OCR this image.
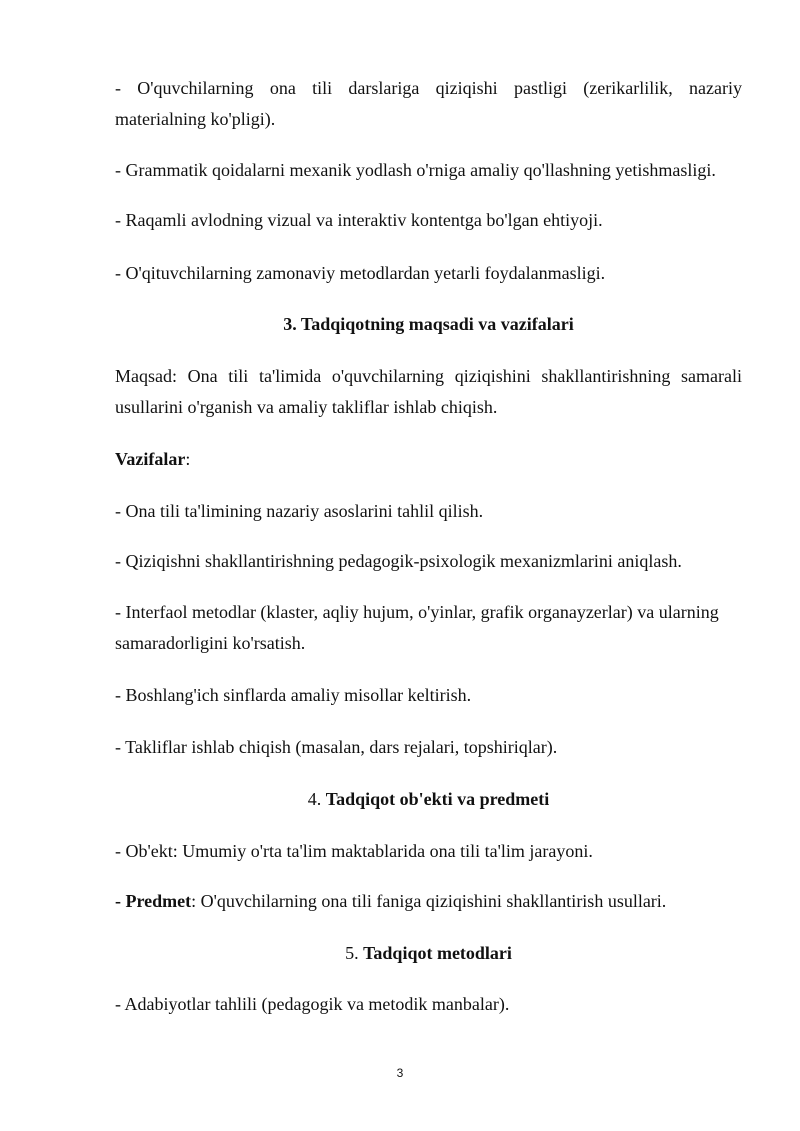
- O'quvchilarning ona tili darslariga qiziqishi pastligi (zerikarlilik, nazariy materialning ko'pligi).

- Grammatik qoidalarni mexanik yodlash o'rniga amaliy qo'llashning yetishmasligi.

- Raqamli avlodning vizual va interaktiv kontentga bo'lgan ehtiyoji.

- O'qituvchilarning zamonaviy metodlardan yetarli foydalanmasligi.

3. Tadqiqotning maqsadi va vazifalari

Maqsad: Ona tili ta'limida o'quvchilarning qiziqishini shakllantirishning samarali usullarini o'rganish va amaliy takliflar ishlab chiqish.

Vazifalar:

- Ona tili ta'limining nazariy asoslarini tahlil qilish.

- Qiziqishni shakllantirishning pedagogik-psixologik mexanizmlarini aniqlash.

- Interfaol metodlar (klaster, aqliy hujum, o'yinlar, grafik organayzerlar) va ularning samaradorligini ko'rsatish.

- Boshlang'ich sinflarda amaliy misollar keltirish.

- Takliflar ishlab chiqish (masalan, dars rejalari, topshiriqlar).

4. Tadqiqot ob'ekti va predmeti

- Ob'ekt: Umumiy o'rta ta'lim maktablarida ona tili ta'lim jarayoni.

- Predmet: O'quvchilarning ona tili faniga qiziqishini shakllantirish usullari.

5. Tadqiqot metodlari

- Adabiyotlar tahlili (pedagogik va metodik manbalar).

3
